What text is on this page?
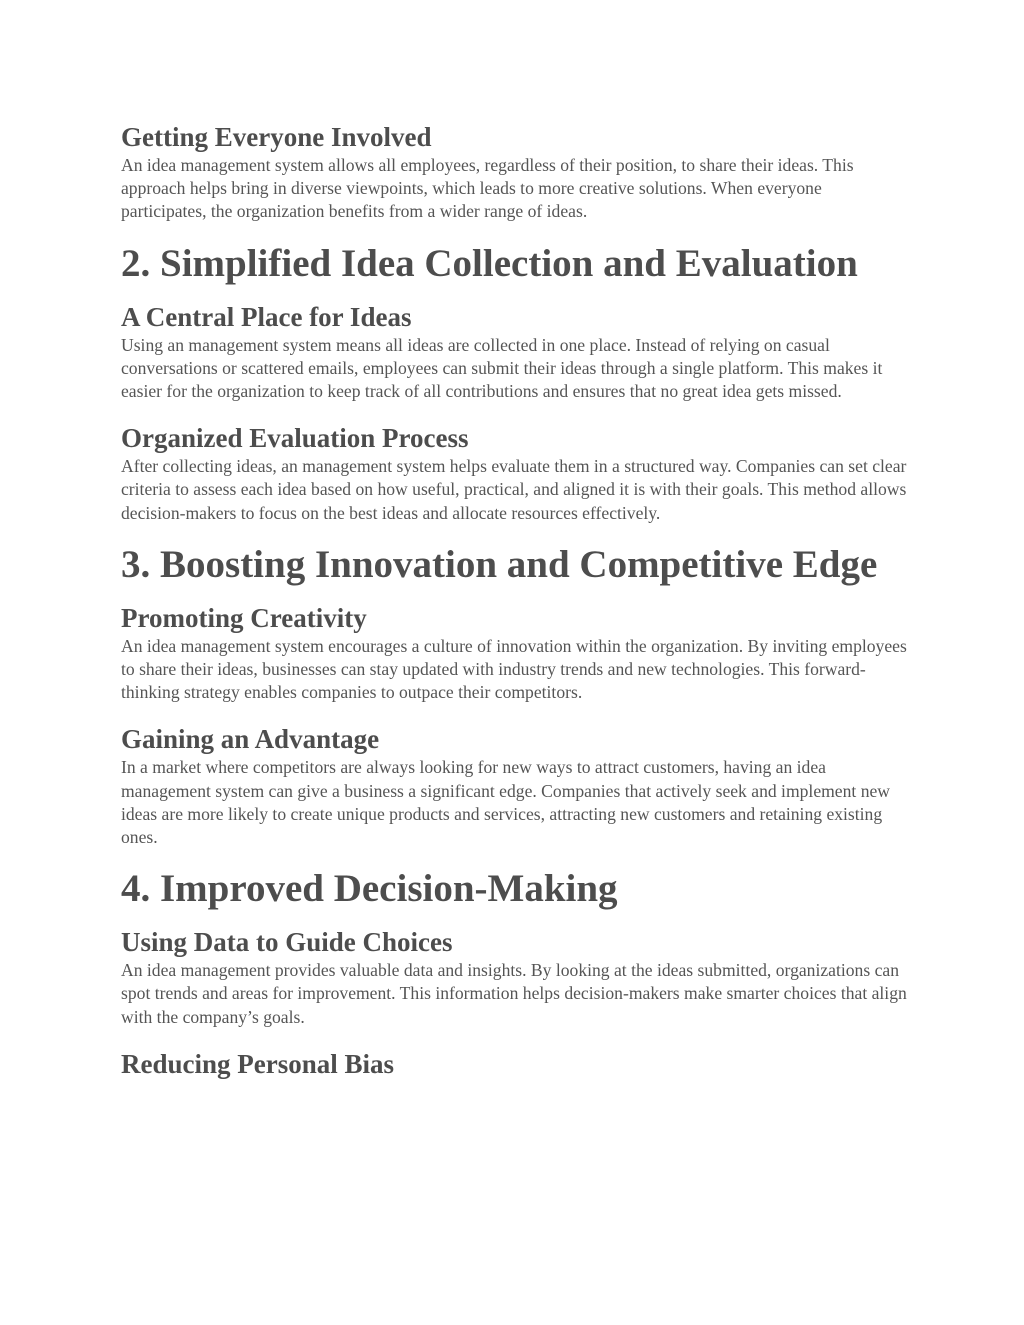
Getting Everyone Involved

An idea management system allows all employees, regardless of their position, to share their ideas. This approach helps bring in diverse viewpoints, which leads to more creative solutions. When everyone participates, the organization benefits from a wider range of ideas.

2. Simplified Idea Collection and Evaluation
A Central Place for Ideas

Using an management system means all ideas are collected in one place. Instead of relying on casual conversations or scattered emails, employees can submit their ideas through a single platform. This makes it easier for the organization to keep track of all contributions and ensures that no great idea gets missed.

Organized Evaluation Process

After collecting ideas, an management system helps evaluate them in a structured way. Companies can set clear criteria to assess each idea based on how useful, practical, and aligned it is with their goals. This method allows decision-makers to focus on the best ideas and allocate resources effectively.

3. Boosting Innovation and Competitive Edge
Promoting Creativity

An idea management system encourages a culture of innovation within the organization. By inviting employees to share their ideas, businesses can stay updated with industry trends and new technologies. This forward-thinking strategy enables companies to outpace their competitors.

Gaining an Advantage

In a market where competitors are always looking for new ways to attract customers, having an idea management system can give a business a significant edge. Companies that actively seek and implement new ideas are more likely to create unique products and services, attracting new customers and retaining existing ones.

4. Improved Decision-Making
Using Data to Guide Choices

An idea management provides valuable data and insights. By looking at the ideas submitted, organizations can spot trends and areas for improvement. This information helps decision-makers make smarter choices that align with the company’s goals.

Reducing Personal Bias
